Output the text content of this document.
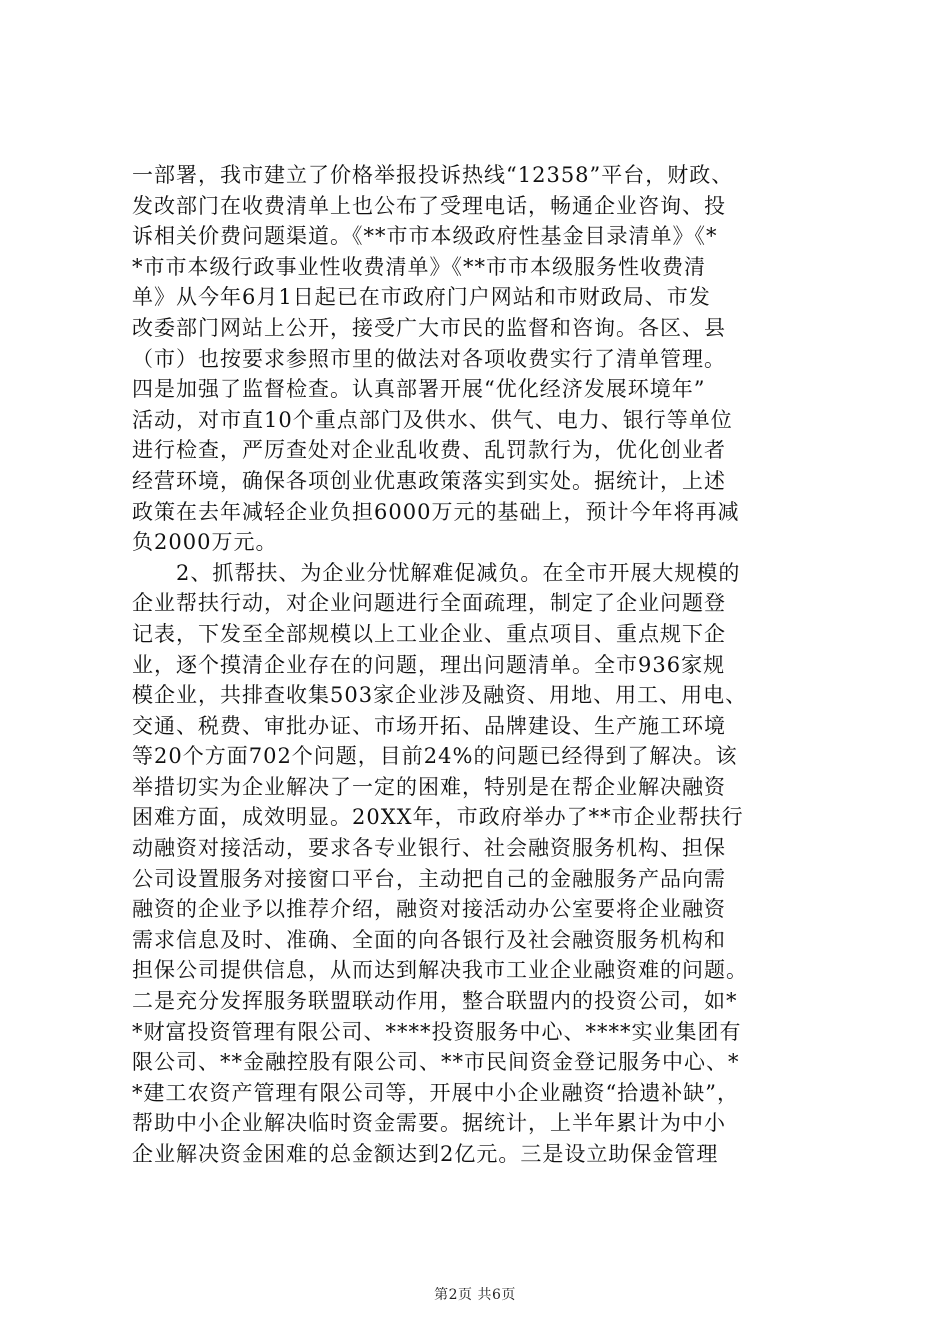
一部署，我市建立了价格举报投诉热线“12358”平台，财政、
发改部门在收费清单上也公布了受理电话，畅通企业咨询、投
诉相关价费问题渠道。《**市市本级政府性基金目录清单》《*
*市市本级行政事业性收费清单》《**市市本级服务性收费清
单》从今年6月1日起已在市政府门户网站和市财政局、市发
改委部门网站上公开，接受广大市民的监督和咨询。各区、县
（市）也按要求参照市里的做法对各项收费实行了清单管理。
四是加强了监督检查。认真部署开展“优化经济发展环境年”
活动，对市直10个重点部门及供水、供气、电力、银行等单位
进行检查，严厉查处对企业乱收费、乱罚款行为，优化创业者
经营环境，确保各项创业优惠政策落实到实处。据统计，上述
政策在去年减轻企业负担6000万元的基础上，预计今年将再减
负2000万元。
　　2、抓帮扶、为企业分忧解难促减负。在全市开展大规模的
企业帮扶行动，对企业问题进行全面疏理，制定了企业问题登
记表，下发至全部规模以上工业企业、重点项目、重点规下企
业，逐个摸清企业存在的问题，理出问题清单。全市936家规
模企业，共排查收集503家企业涉及融资、用地、用工、用电、
交通、税费、审批办证、市场开拓、品牌建设、生产施工环境
等20个方面702个问题，目前24%的问题已经得到了解决。该
举措切实为企业解决了一定的困难，特别是在帮企业解决融资
困难方面，成效明显。20XX年，市政府举办了**市企业帮扶行
动融资对接活动，要求各专业银行、社会融资服务机构、担保
公司设置服务对接窗口平台，主动把自己的金融服务产品向需
融资的企业予以推荐介绍，融资对接活动办公室要将企业融资
需求信息及时、准确、全面的向各银行及社会融资服务机构和
担保公司提供信息，从而达到解决我市工业企业融资难的问题。
二是充分发挥服务联盟联动作用，整合联盟内的投资公司，如*
*财富投资管理有限公司、****投资服务中心、****实业集团有
限公司、**金融控股有限公司、**市民间资金登记服务中心、*
*建工农资产管理有限公司等，开展中小企业融资“拾遗补缺”，
帮助中小企业解决临时资金需要。据统计，上半年累计为中小
企业解决资金困难的总金额达到2亿元。三是设立助保金管理
第2页 共6页
